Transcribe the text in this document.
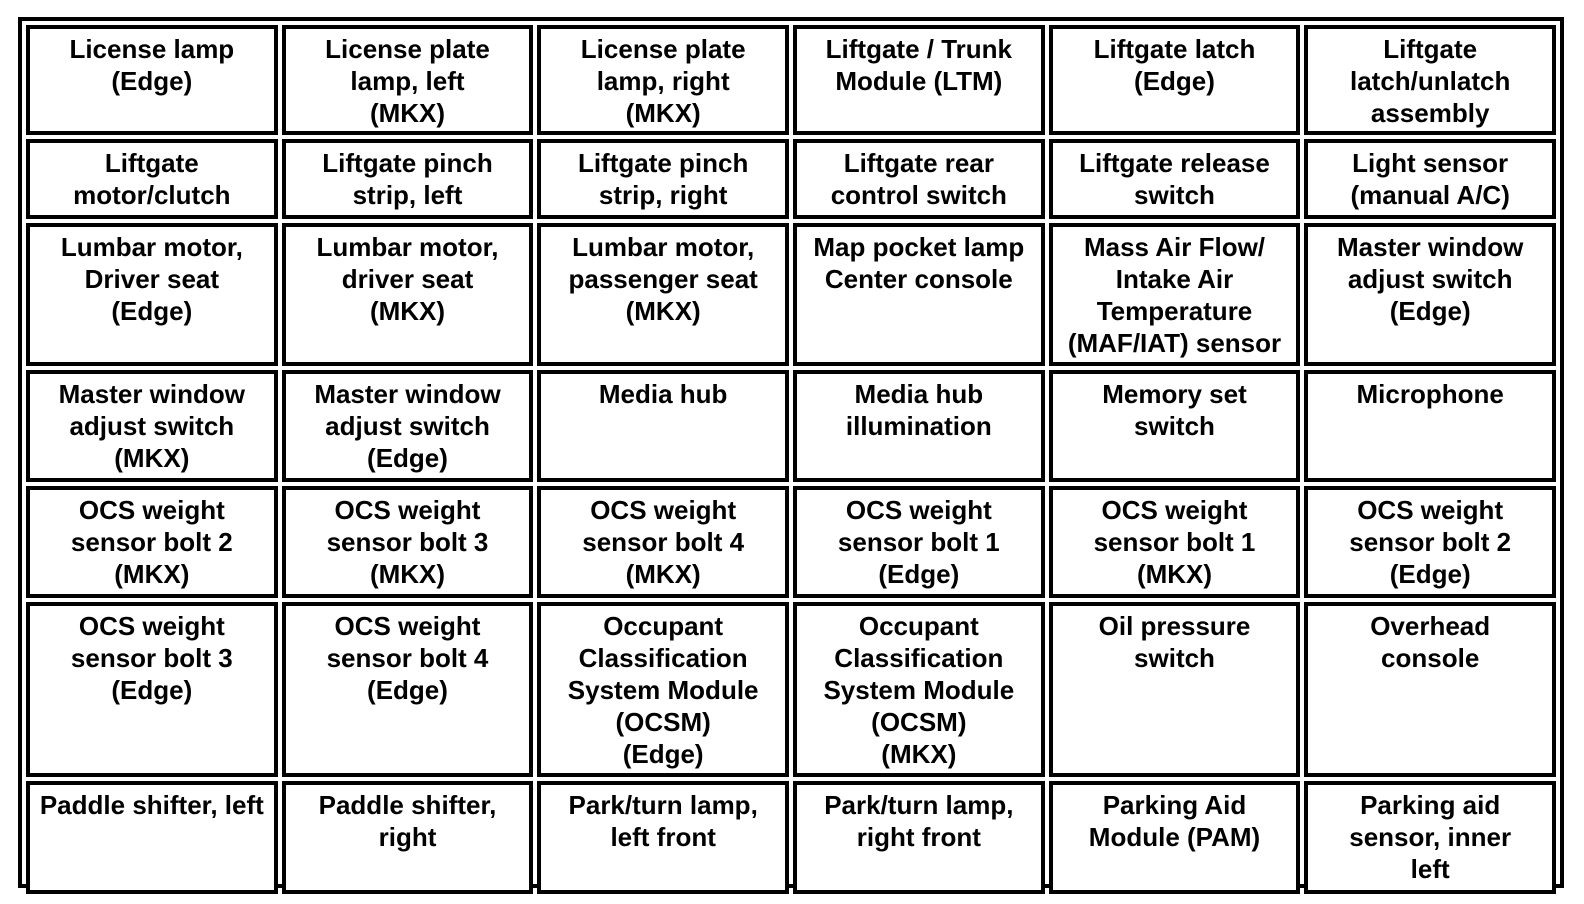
License lamp
(Edge)
License plate
lamp, left
(MKX)
License plate
lamp, right
(MKX)
Liftgate / Trunk
Module (LTM)
Liftgate latch
(Edge)
Liftgate
latch/unlatch
assembly
Liftgate
motor/clutch
Liftgate pinch
strip, left
Liftgate pinch
strip, right
Liftgate rear
control switch
Liftgate release
switch
Light sensor
(manual A/C)
Lumbar motor,
Driver seat
(Edge)
Lumbar motor,
driver seat
(MKX)
Lumbar motor,
passenger seat
(MKX)
Map pocket lamp
Center console
Mass Air Flow/
Intake Air
Temperature
(MAF/IAT) sensor
Master window
adjust switch
(Edge)
Master window
adjust switch
(MKX)
Master window
adjust switch
(Edge)
Media hub	Media hub
illumination
Memory set
switch
Microphone
OCS weight
sensor bolt 2
(MKX)
OCS weight
sensor bolt 3
(MKX)
OCS weight
sensor bolt 4
(MKX)
OCS weight
sensor bolt 1
(Edge)
OCS weight
sensor bolt 1
(MKX)
OCS weight
sensor bolt 2
(Edge)
OCS weight
sensor bolt 3
(Edge)
OCS weight
sensor bolt 4
(Edge)
Occupant
Classification
System Module
(OCSM)
(Edge)
Occupant
Classification
System Module
(OCSM)
(MKX)
Oil pressure
switch
Overhead
console
Paddle shifter, left Paddle shifter,
right
Park/turn lamp,
left front
Park/turn lamp,
right front
Parking Aid
Module (PAM)
Parking aid
sensor, inner
left
